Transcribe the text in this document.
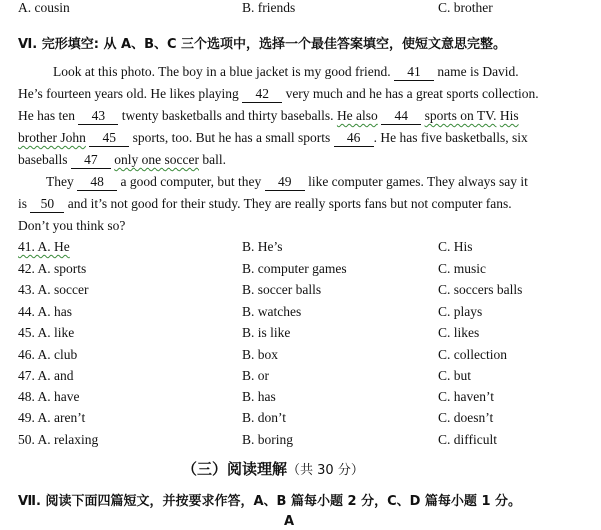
A. cousin	B. friends	C. brother
Ⅵ. 完形填空: 从 A、B、C 三个选项中，选择一个最佳答案填空，使短文意思完整。
Look at this photo. The boy in a blue jacket is my good friend. 41 name is David.
He’s fourteen years old. He likes playing 42 very much and he has a great sports collection.
He has ten 43 twenty basketballs and thirty baseballs. He also 44 sports on TV. His
brother John 45 sports, too. But he has a small sports 46 . He has five basketballs, six
baseballs 47 only one soccer ball.
They 48 a good computer, but they 49 like computer games. They always say it
is 50 and it’s not good for their study. They are really sports fans but not computer fans.
Don’t you think so?
41. A. He	B. He’s	C. His
42. A. sports	B. computer games	C. music
43. A. soccer	B. soccer balls	C. soccers balls
44. A. has	B. watches	C. plays
45. A. like	B. is like	C. likes
46. A. club	B. box	C. collection
47. A. and	B. or	C. but
48. A. have	B. has	C. haven’t
49. A. aren’t	B. don’t	C. doesn’t
50. A. relaxing	B. boring	C. difficult
（三）阅读理解（共 30 分）
Ⅶ. 阅读下面四篇短文，并按要求作答，A、B 篇每小题 2 分，C、D 篇每小题 1 分。
A
